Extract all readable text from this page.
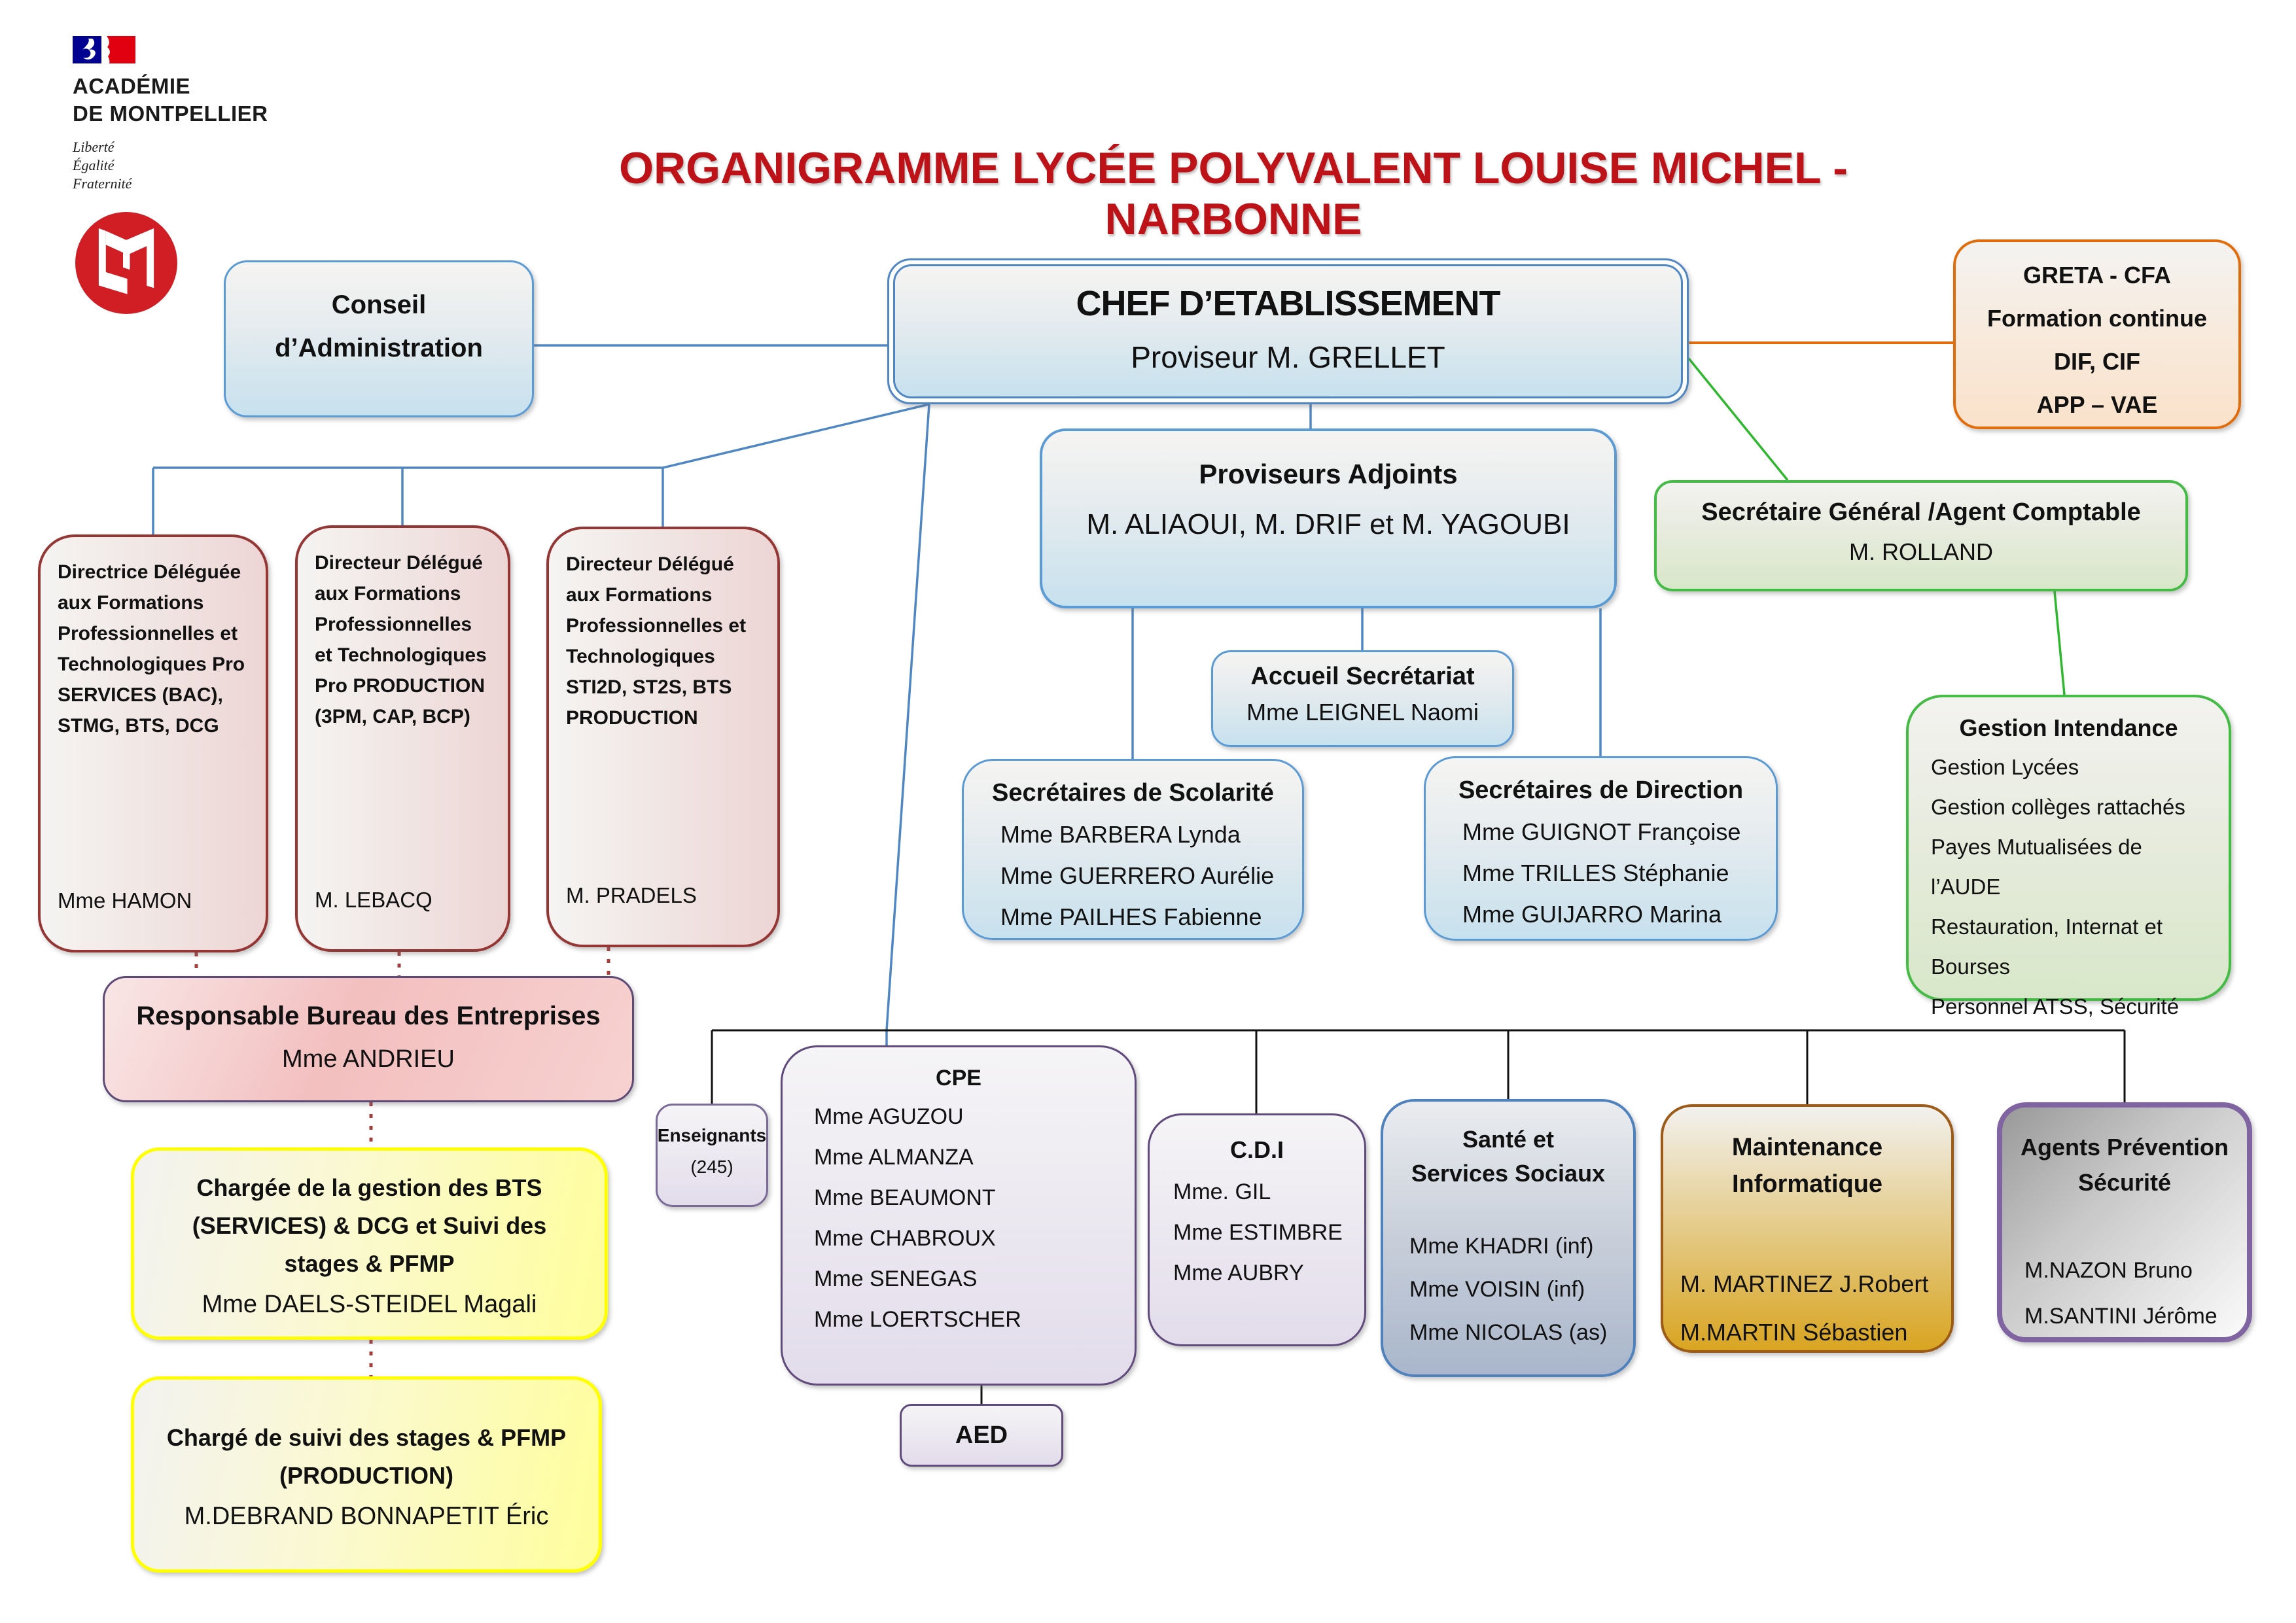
ACADÉMIE
DE MONTPELLIER
Liberté
Égalité
Fraternité	ORGANIGRAMME LYCÉE POLYVALENT LOUISE MICHEL - NARBONNE
Conseil
d’Administration
CHEF D’ETABLISSEMENT
Proviseur M. GRELLET
GRETA - CFA
Formation continue
DIF, CIF
APP – VAE
Proviseurs Adjoints
M. ALIAOUI, M. DRIF et M. YAGOUBI	Secrétaire Général /Agent Comptable
M. ROLLAND
Directrice Déléguée aux Formations Professionnelles et Technologiques Pro SERVICES (BAC), STMG, BTS, DCG
Mme HAMON
Directeur Délégué aux Formations Professionnelles et Technologiques Pro PRODUCTION (3PM, CAP, BCP)
M. LEBACQ
Directeur Délégué aux Formations Professionnelles et Technologiques STI2D, ST2S, BTS PRODUCTION
M. PRADELS
Accueil Secrétariat
Mme LEIGNEL Naomi
Secrétaires de Scolarité
Mme BARBERA Lynda
Mme GUERRERO Aurélie
Mme PAILHES Fabienne
Secrétaires de Direction
Mme GUIGNOT Françoise
Mme TRILLES Stéphanie
Mme GUIJARRO Marina
Gestion Intendance
Gestion Lycées
Gestion collèges rattachés
Payes Mutualisées de l’AUDE
Restauration, Internat et Bourses
Personnel ATSS, Sécurité
Responsable Bureau des Entreprises
Mme ANDRIEU
Chargée de la gestion des BTS (SERVICES) & DCG et Suivi des stages & PFMP
Mme DAELS-STEIDEL Magali
Chargé de suivi des stages & PFMP (PRODUCTION)
M.DEBRAND BONNAPETIT Éric
Enseignants
(245)
CPE
Mme AGUZOU
Mme ALMANZA
Mme BEAUMONT
Mme CHABROUX
Mme SENEGAS
Mme LOERTSCHER
AED
C.D.I
Mme. GIL
Mme ESTIMBRE
Mme AUBRY
Santé et
Services Sociaux
Mme KHADRI (inf)
Mme VOISIN (inf)
Mme NICOLAS (as)
Maintenance
Informatique
M. MARTINEZ J.Robert
M.MARTIN Sébastien
Agents Prévention
Sécurité
M.NAZON Bruno
M.SANTINI Jérôme
